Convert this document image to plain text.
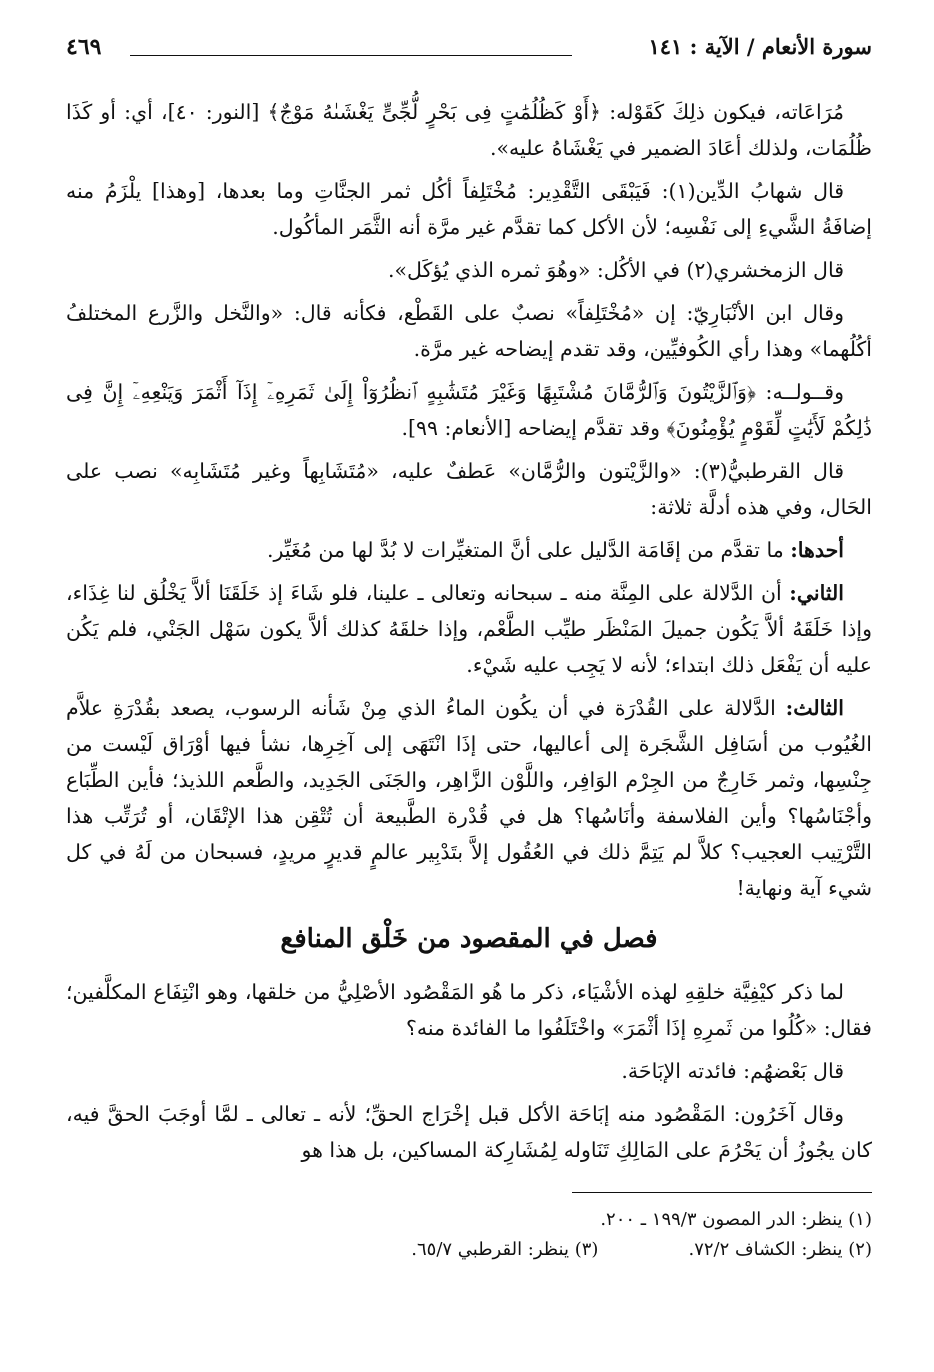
سورة الأنعام / الآية : ١٤١
٤٦٩

مُرَاعَاته، فيكون ذلِكَ كَقَوْله: ﴿أَوْ كَظُلُمَٰتٍ فِى بَحْرٍ لُّجِّىٍّ يَغْشَىٰهُ مَوْجٌ﴾ [النور: ٤٠]، أي: أو كَذَا ظُلُمَات، ولذلك أعَادَ الضمير في يَغْشَاهُ عليه».

قال شهابُ الدِّين(١): فَيَبْقَى التَّقْدِير: مُخْتَلِفاً أكُل ثمر الجنَّاتِ وما بعدها، [وهذا] يلْزَمُ منه إضافَةُ الشَّيءِ إلى نَفْسِه؛ لأن الأكل كما تقدَّم غير مرَّة أنه الثَّمَر المأكُول.

قال الزمخشري(٢) في الأكُل: «وهُوَ ثمره الذي يُؤكَل».

وقال ابن الأنْبَارِيّ: إن «مُخْتَلِفاً» نصبٌ على القَطْع، فكأنه قال: «والنَّخل والزَّرع المختلفُ أكُلُهما» وهذا رأي الكُوفيِّين، وقد تقدم إيضاحه غير مرَّة.

وقــولــه: ﴿وَٱلزَّيْتُونَ وَٱلرُّمَّانَ مُشْتَبِهًا وَغَيْرَ مُتَشَٰبِهٍ ٱنظُرُوٓاْ إِلَىٰ ثَمَرِهِۦٓ إِذَآ أَثْمَرَ وَيَنْعِهِۦٓ إِنَّ فِى ذَٰلِكُمْ لَأَيَٰتٍ لِّقَوْمٍ يُؤْمِنُونَ﴾ وقد تقدَّم إيضاحه [الأنعام: ٩٩].

قال القرطبيُّ(٣): «والزَّيْتون والرُّمَّان» عَطفٌ عليه، «مُتَشَابِهاً وغير مُتَشَابِه» نصب على الحَال، وفي هذه أدلَّة ثلاثة:

أحدها: ما تقدَّم من إقَامَة الدَّليل على أنَّ المتغيِّرات لا بُدَّ لها من مُغَيِّر.

الثاني: أن الدَّلالة على المِنَّة منه ـ سبحانه وتعالى ـ علينا، فلو شَاءَ إذ خَلَقَنَا ألاَّ يَخْلُق لنا غِذَاء، وإذا خَلَقَهُ ألاَّ يَكُون جميلَ المَنْظَر طيِّب الطَّعْم، وإذا خلقَهُ كذلك ألاَّ يكون سَهْل الجَنْي، فلم يَكُن عليه أن يَفْعَل ذلك ابتداء؛ لأنه لا يَجِب عليه شَيْء.

الثالث: الدَّلالة على القُدْرَة في أن يكُون الماءُ الذي مِنْ شَأنه الرسوب، يصعد بقُدْرَةِ علاَّم الغُيُوب من أسَافِل الشَّجَرة إلى أعاليها، حتى إذَا انْتَهَى إلى آخِرِها، نشأ فيها أوْرَاق لَيْست من جِنْسِها، وثمر خَارِجٌ من الجِرْم الوَافِر، واللَّوْن الزَّاهِر، والجَنَى الجَدِيد، والطَّعم اللذيذ؛ فأين الطِّبَاع وأجْنَاسُها؟ وأين الفلاسفة وأنَاسُها؟ هل في قُدْرة الطَّبيعة أن تُتْقِن هذا الإتْقَان، أو تُرَتِّب هذا التَّرْتِيب العجيب؟ كلاَّ لم يَتِمَّ ذلك في العُقُول إلاَّ بتَدْبِير عالمٍ قديرٍ مريدٍ، فسبحان من لَهُ في كل شيء آية ونهاية!

فصل في المقصود من خَلْق المنافع

لما ذكر كيْفِيَّة خلقِهِ لهذه الأشْيَاء، ذكر ما هُو المَقْصُود الأصْلِيُّ من خلقها، وهو انْتِفَاع المكلَّفين؛ فقال: «كُلُوا من ثَمرِهِ إذَا أثْمَرَ» واخْتَلَفُوا ما الفائدة منه؟

قال بَعْضهُم: فائدته الإبَاحَة.

وقال آخَرُون: المَقْصُود منه إبَاحَة الأكل قبل إخْرَاج الحقِّ؛ لأنه ـ تعالى ـ لمَّا أوجَبَ الحقَّ فيه، كان يجُوزُ أن يَحْرُمَ على المَالِكِ تَنَاوله لِمُشَارِكة المساكين، بل هذا هو

(١) ينظر: الدر المصون ١٩٩/٣ ـ ٢٠٠.
(٢) ينظر: الكشاف ٧٢/٢.
(٣) ينظر: القرطبي ٦٥/٧.
